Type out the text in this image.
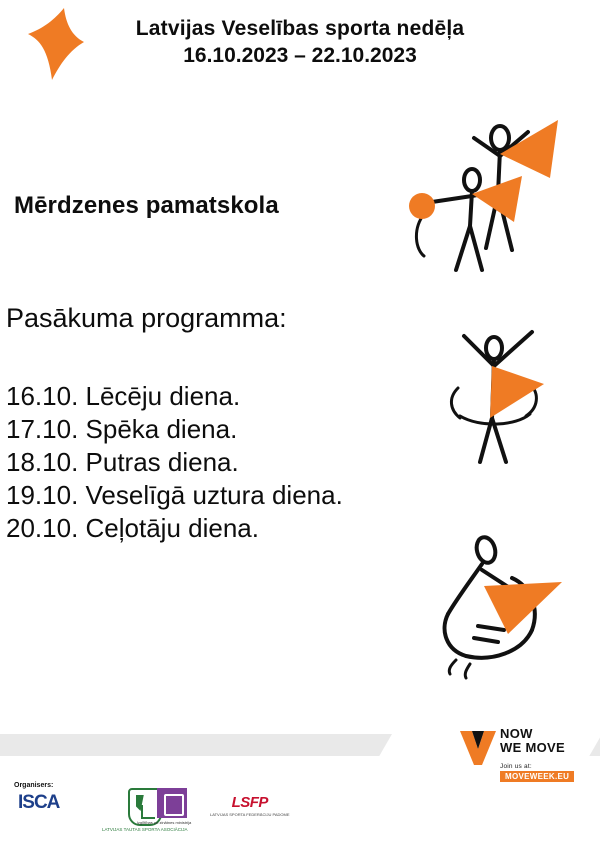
Latvijas Veselības sporta nedēļa
16.10.2023 – 22.10.2023
Mērdzenes pamatskola
Pasākuma programma:

16.10. Lēcēju diena.

17.10. Spēka diena.

18.10. Putras diena.

19.10. Veselīgā uztura diena.

20.10. Ceļotāju diena.

NOW
WE MOVE
Join us at:
MOVEWEEK.EU
Organisers:
ISCA
LATVIJAS TAUTAS SPORTA ASOCIĀCIJA
Izglītības un zinātnes ministrija
LSFP
LATVIJAS SPORTA FEDERĀCIJU PADOME
